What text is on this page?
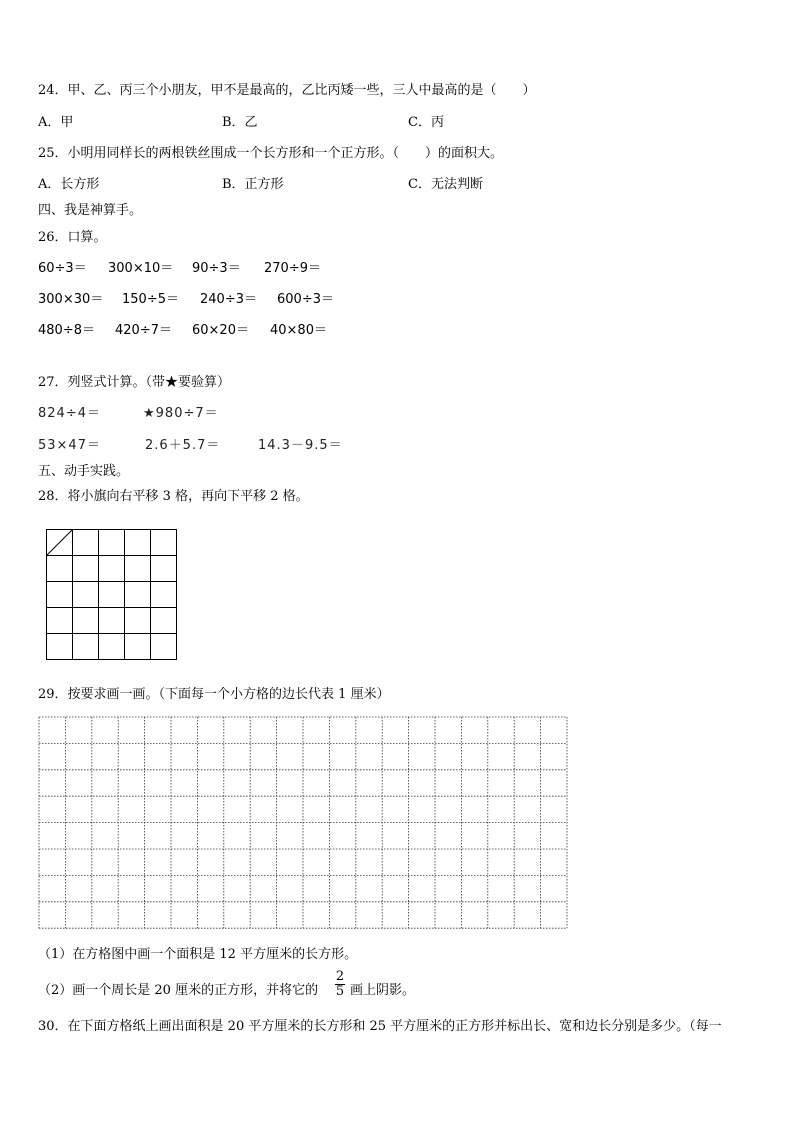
24．甲、乙、丙三个小朋友，甲不是最高的，乙比丙矮一些，三人中最高的是（　　）
A．甲	B．乙	C．丙
25．小明用同样长的两根铁丝围成一个长方形和一个正方形。（　　）的面积大。
A．长方形	B．正方形	C．无法判断
四、我是神算手。
26．口算。
60÷3＝ 300×10＝ 90÷3＝ 270÷9＝
300×30＝ 150÷5＝ 240÷3＝ 600÷3＝
480÷8＝ 420÷7＝ 60×20＝ 40×80＝
27．列竖式计算。（带★要验算）
824÷4＝	★980÷7＝
53×47＝	2.6＋5.7＝	14.3－9.5＝
五、动手实践。
28．将小旗向右平移 3 格，再向下平移 2 格。
29．按要求画一画。（下面每一个小方格的边长代表 1 厘米）
（1）在方格图中画一个面积是 12 平方厘米的长方形。
（2）画一个周长是 20 厘米的正方形，并将它的
2
5 画上阴影。
30．在下面方格纸上画出面积是 20 平方厘米的长方形和 25 平方厘米的正方形并标出长、宽和边长分别是多少。（每一
